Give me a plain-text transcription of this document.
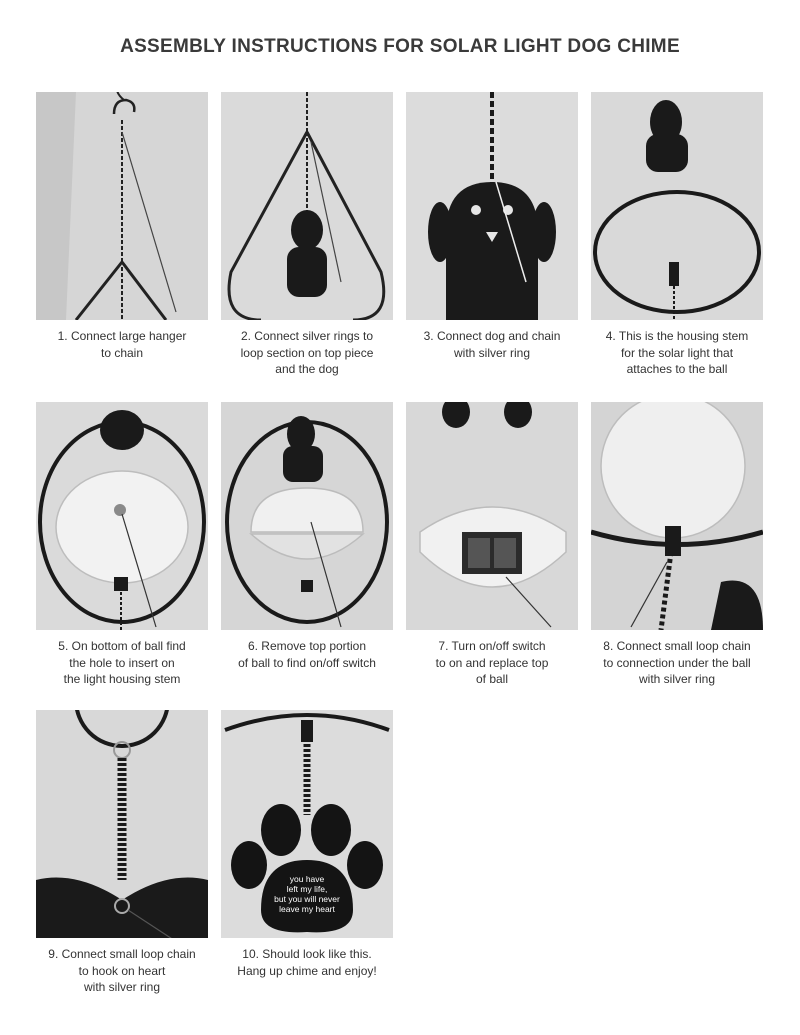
ASSEMBLY INSTRUCTIONS FOR SOLAR LIGHT DOG CHIME
1. Connect large hanger
to chain
2. Connect silver rings to
loop section on top piece
and the dog
3. Connect dog and chain
with silver ring
4. This is the housing stem
for the solar light that
attaches to the ball
5. On bottom of ball find
the hole to insert on
the light housing stem
6. Remove top portion
of ball to find on/off switch
7. Turn on/off switch
to on and replace top
of ball
8. Connect small loop chain
to connection under the ball
with silver ring
9. Connect small loop chain
to hook on heart
with silver ring
you have
left my life,
but you will never
leave my heart
10. Should look like this.
Hang up chime and enjoy!
